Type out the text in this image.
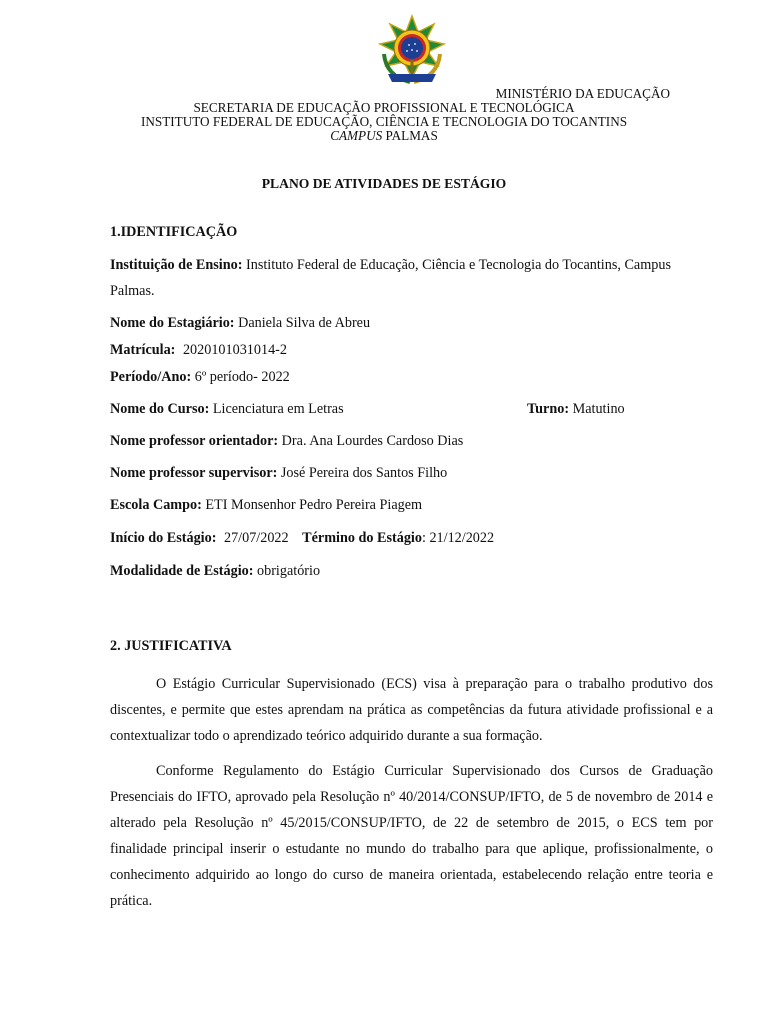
MINISTÉRIO DA EDUCAÇÃO
SECRETARIA DE EDUCAÇÃO PROFISSIONAL E TECNOLÓGICA
INSTITUTO FEDERAL DE EDUCAÇÃO, CIÊNCIA E TECNOLOGIA DO TOCANTINS
CAMPUS PALMAS
PLANO DE ATIVIDADES DE ESTÁGIO
1.IDENTIFICAÇÃO
Instituição de Ensino: Instituto Federal de Educação, Ciência e Tecnologia do Tocantins, Campus
Palmas.
Nome do Estagiário: Daniela Silva de Abreu
Matrícula: 2020101031014-2
Período/Ano: 6º período- 2022
Nome do Curso: Licenciatura em Letras	Turno: Matutino
Nome professor orientador: Dra. Ana Lourdes Cardoso Dias
Nome professor supervisor: José Pereira dos Santos Filho
Escola Campo: ETI Monsenhor Pedro Pereira Piagem
Início do Estágio: 27/07/2022 Término do Estágio: 21/12/2022
Modalidade de Estágio: obrigatório
2. JUSTIFICATIVA
O Estágio Curricular Supervisionado (ECS) visa à preparação para o trabalho produtivo dos discentes, e permite que estes aprendam na prática as competências da futura atividade profissional e a contextualizar todo o aprendizado teórico adquirido durante a sua formação.
Conforme Regulamento do Estágio Curricular Supervisionado dos Cursos de Graduação Presenciais do IFTO, aprovado pela Resolução nº 40/2014/CONSUP/IFTO, de 5 de novembro de 2014 e alterado pela Resolução nº 45/2015/CONSUP/IFTO, de 22 de setembro de 2015, o ECS tem por finalidade principal inserir o estudante no mundo do trabalho para que aplique, profissionalmente, o conhecimento adquirido ao longo do curso de maneira orientada, estabelecendo relação entre teoria e prática.
